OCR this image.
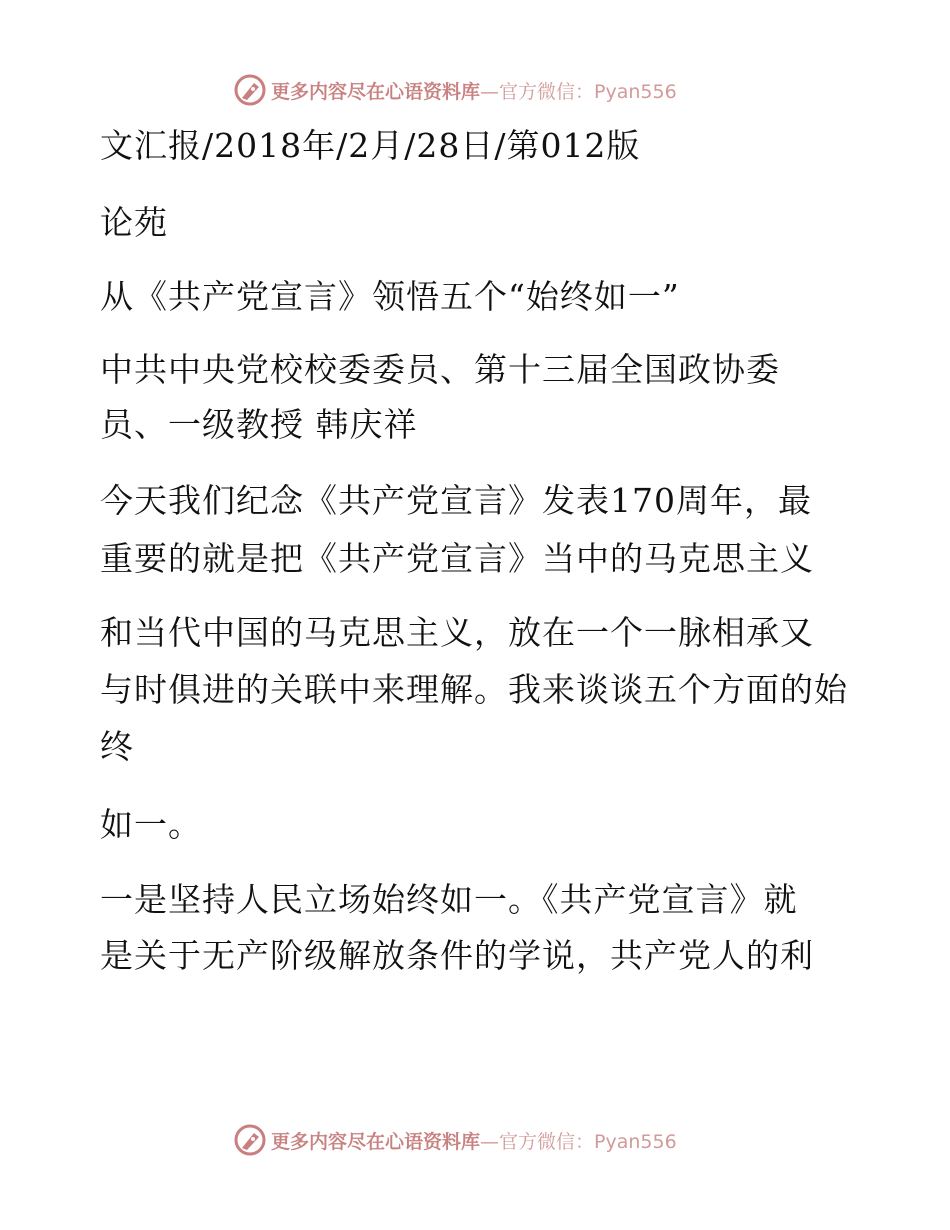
更多内容尽在心语资料库—官方微信：Pyan556
文汇报/2018年/2月/28日/第012版
论苑
从《共产党宣言》领悟五个“始终如一”
中共中央党校校委委员、第十三届全国政协委
员、一级教授 韩庆祥
今天我们纪念《共产党宣言》发表170周年，最
重要的就是把《共产党宣言》当中的马克思主义
和当代中国的马克思主义，放在一个一脉相承又
与时俱进的关联中来理解。我来谈谈五个方面的始
终
如一。
一是坚持人民立场始终如一。《共产党宣言》就
是关于无产阶级解放条件的学说，共产党人的利
更多内容尽在心语资料库—官方微信：Pyan556
